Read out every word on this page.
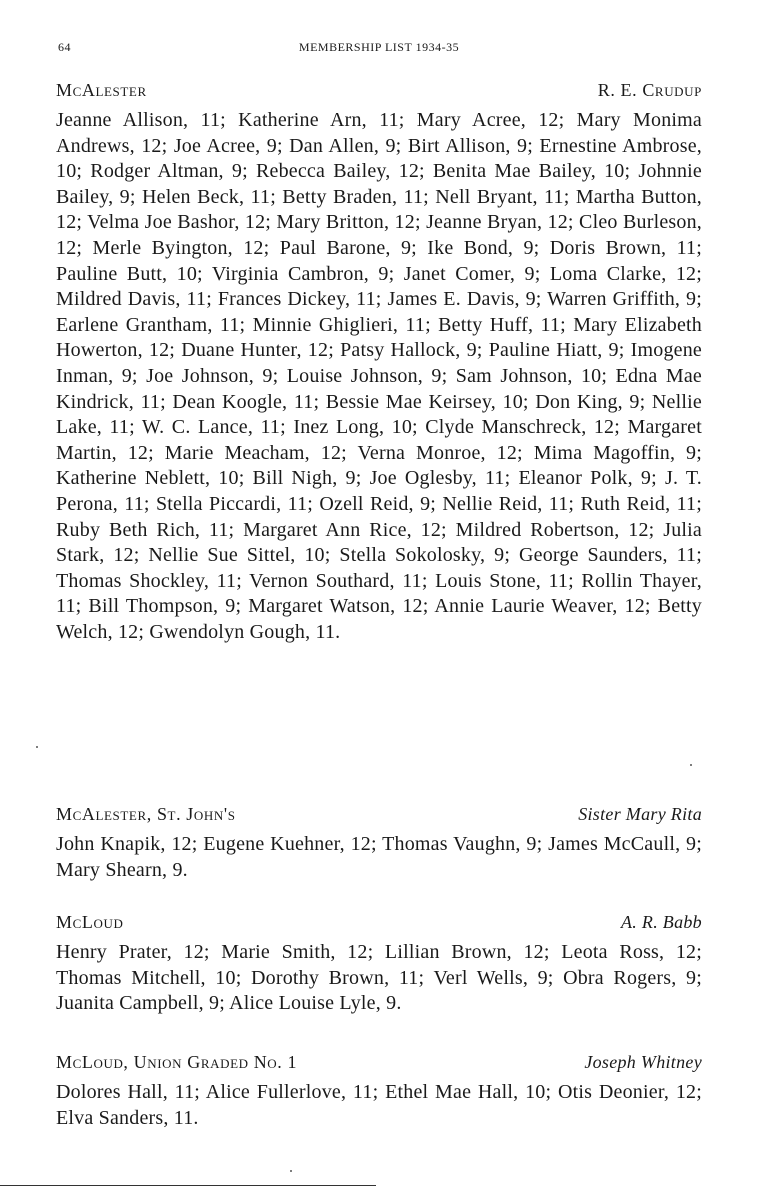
64	MEMBERSHIP LIST 1934-35
McAlester	R. E. Crudup

Jeanne Allison, 11; Katherine Arn, 11; Mary Acree, 12; Mary Monima Andrews, 12; Joe Acree, 9; Dan Allen, 9; Birt Allison, 9; Ernestine Ambrose, 10; Rodger Altman, 9; Rebecca Bailey, 12; Benita Mae Bailey, 10; Johnnie Bailey, 9; Helen Beck, 11; Betty Braden, 11; Nell Bryant, 11; Martha Button, 12; Velma Joe Bashor, 12; Mary Britton, 12; Jeanne Bryan, 12; Cleo Burleson, 12; Merle Byington, 12; Paul Barone, 9; Ike Bond, 9; Doris Brown, 11; Pauline Butt, 10; Virginia Cambron, 9; Janet Comer, 9; Loma Clarke, 12; Mildred Davis, 11; Frances Dickey, 11; James E. Davis, 9; Warren Griffith, 9; Earlene Grantham, 11; Minnie Ghiglieri, 11; Betty Huff, 11; Mary Elizabeth Howerton, 12; Duane Hunter, 12; Patsy Hallock, 9; Pauline Hiatt, 9; Imogene Inman, 9; Joe Johnson, 9; Louise Johnson, 9; Sam Johnson, 10; Edna Mae Kindrick, 11; Dean Koogle, 11; Bessie Mae Keirsey, 10; Don King, 9; Nellie Lake, 11; W. C. Lance, 11; Inez Long, 10; Clyde Manschreck, 12; Margaret Martin, 12; Marie Meacham, 12; Verna Monroe, 12; Mima Magoffin, 9; Katherine Neblett, 10; Bill Nigh, 9; Joe Oglesby, 11; Eleanor Polk, 9; J. T. Perona, 11; Stella Piccardi, 11; Ozell Reid, 9; Nellie Reid, 11; Ruth Reid, 11; Ruby Beth Rich, 11; Margaret Ann Rice, 12; Mildred Robertson, 12; Julia Stark, 12; Nellie Sue Sittel, 10; Stella Sokolosky, 9; George Saunders, 11; Thomas Shockley, 11; Vernon Southard, 11; Louis Stone, 11; Rollin Thayer, 11; Bill Thompson, 9; Margaret Watson, 12; Annie Laurie Weaver, 12; Betty Welch, 12; Gwendolyn Gough, 11.

McAlester, St. John's	Sister Mary Rita

John Knapik, 12; Eugene Kuehner, 12; Thomas Vaughn, 9; James McCaull, 9; Mary Shearn, 9.

McLoud	A. R. Babb

Henry Prater, 12; Marie Smith, 12; Lillian Brown, 12; Leota Ross, 12; Thomas Mitchell, 10; Dorothy Brown, 11; Verl Wells, 9; Obra Rogers, 9; Juanita Campbell, 9; Alice Louise Lyle, 9.

McLoud, Union Graded No. 1	Joseph Whitney

Dolores Hall, 11; Alice Fullerlove, 11; Ethel Mae Hall, 10; Otis Deonier, 12; Elva Sanders, 11.
